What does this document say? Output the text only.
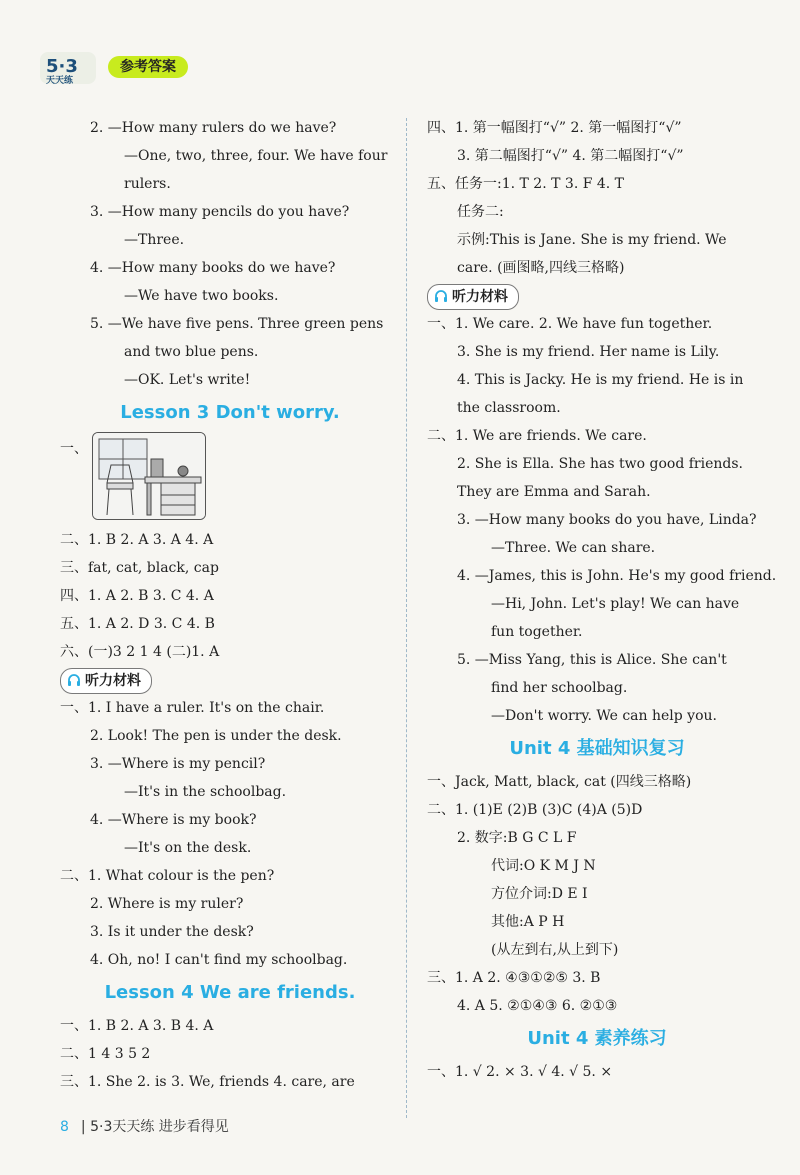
5·3
天天练
参考答案
2. —How many rulers do we have?
—One, two, three, four. We have four
rulers.
3. —How many pencils do you have?
—Three.
4. —How many books do we have?
—We have two books.
5. —We have five pens. Three green pens
and two blue pens.
—OK. Let's write!
Lesson 3 Don't worry.
一、
二、1. B 2. A 3. A 4. A
三、fat, cat, black, cap
四、1. A 2. B 3. C 4. A
五、1. A 2. D 3. C 4. B
六、(一)3 2 1 4 (二)1. A
听力材料
一、1. I have a ruler. It's on the chair.
2. Look! The pen is under the desk.
3. —Where is my pencil?
—It's in the schoolbag.
4. —Where is my book?
—It's on the desk.
二、1. What colour is the pen?
2. Where is my ruler?
3. Is it under the desk?
4. Oh, no! I can't find my schoolbag.
Lesson 4 We are friends.
一、1. B 2. A 3. B 4. A
二、1 4 3 5 2
三、1. She 2. is 3. We, friends 4. care, are
四、1. 第一幅图打“√” 2. 第一幅图打“√”
3. 第二幅图打“√” 4. 第二幅图打“√”
五、任务一:1. T 2. T 3. F 4. T
任务二:
示例:This is Jane. She is my friend. We
care. (画图略,四线三格略)
听力材料
一、1. We care. 2. We have fun together.
3. She is my friend. Her name is Lily.
4. This is Jacky. He is my friend. He is in
the classroom.
二、1. We are friends. We care.
2. She is Ella. She has two good friends.
They are Emma and Sarah.
3. —How many books do you have, Linda?
—Three. We can share.
4. —James, this is John. He's my good friend.
—Hi, John. Let's play! We can have
fun together.
5. —Miss Yang, this is Alice. She can't
find her schoolbag.
—Don't worry. We can help you.
Unit 4 基础知识复习
一、Jack, Matt, black, cat (四线三格略)
二、1. (1)E (2)B (3)C (4)A (5)D
2. 数字:B G C L F
代词:O K M J N
方位介词:D E I
其他:A P H
(从左到右,从上到下)
三、1. A 2. ④③①②⑤ 3. B
4. A 5. ②①④③ 6. ②①③
Unit 4 素养练习
一、1. √ 2. × 3. √ 4. √ 5. ×
8 | 5·3天天练 进步看得见
